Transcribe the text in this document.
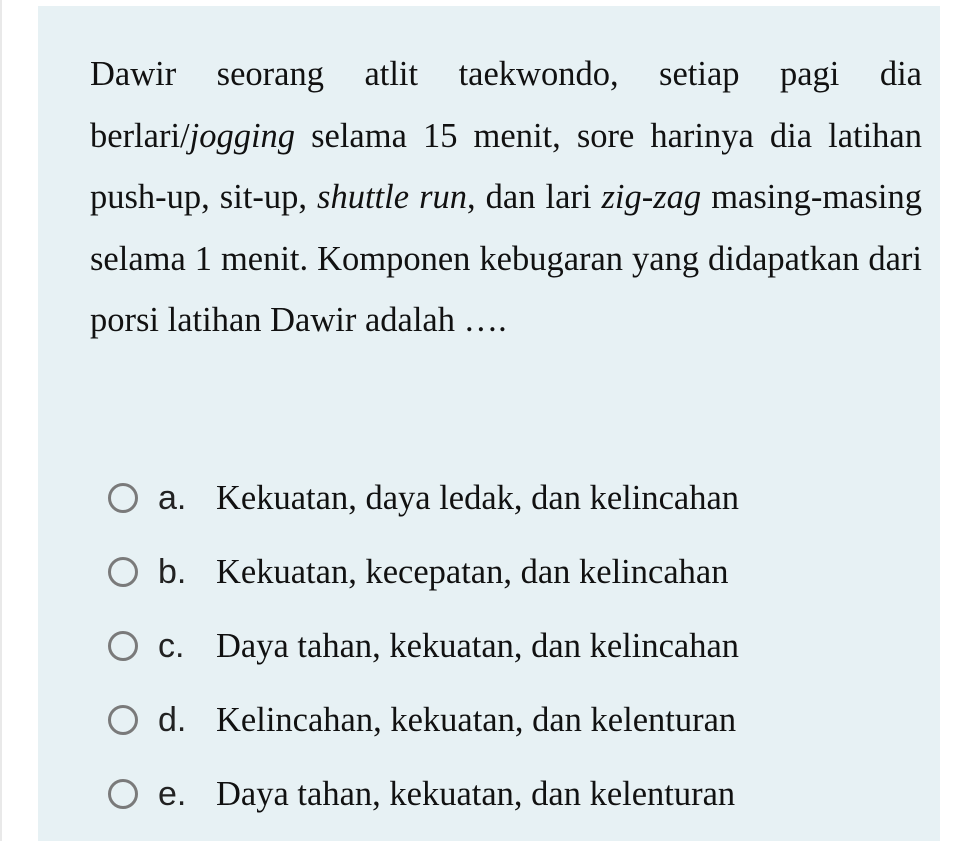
Dawir seorang atlit taekwondo, setiap pagi dia berlari/jogging selama 15 menit, sore harinya dia latihan push-up, sit-up, shuttle run, dan lari zig-zag masing-masing selama 1 menit. Komponen kebugaran yang didapatkan dari porsi latihan Dawir adalah ….

a. Kekuatan, daya ledak, dan kelincahan
b. Kekuatan, kecepatan, dan kelincahan
c. Daya tahan, kekuatan, dan kelincahan
d. Kelincahan, kekuatan, dan kelenturan
e. Daya tahan, kekuatan, dan kelenturan
